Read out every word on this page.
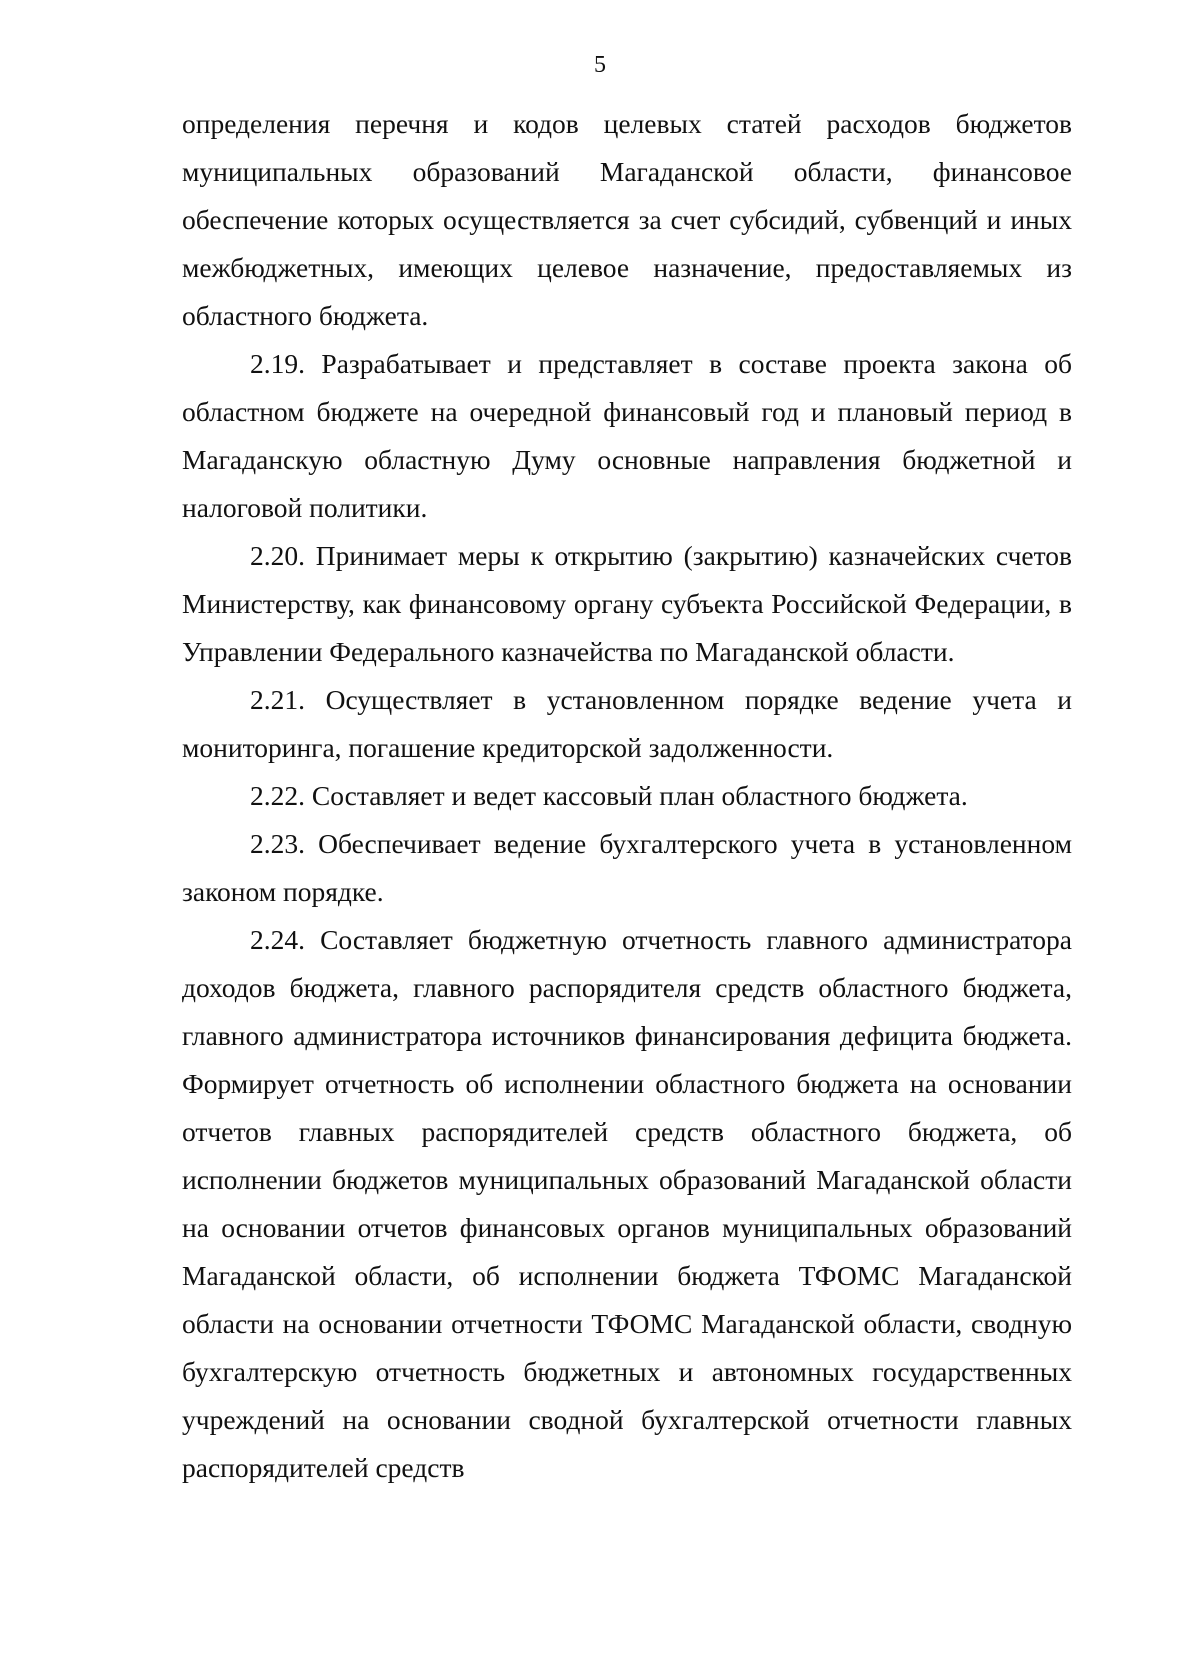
5

определения перечня и кодов целевых статей расходов бюджетов муниципальных образований Магаданской области, финансовое обеспечение которых осуществляется за счет субсидий, субвенций и иных межбюджетных, имеющих целевое назначение, предоставляемых из областного бюджета.

2.19. Разрабатывает и представляет в составе проекта закона об областном бюджете на очередной финансовый год и плановый период в Магаданскую областную Думу основные направления бюджетной и налоговой политики.

2.20. Принимает меры к открытию (закрытию) казначейских счетов Министерству, как финансовому органу субъекта Российской Федерации, в Управлении Федерального казначейства по Магаданской области.

2.21. Осуществляет в установленном порядке ведение учета и мониторинга, погашение кредиторской задолженности.

2.22. Составляет и ведет кассовый план областного бюджета.

2.23. Обеспечивает ведение бухгалтерского учета в установленном законом порядке.

2.24. Составляет бюджетную отчетность главного администратора доходов бюджета, главного распорядителя средств областного бюджета, главного администратора источников финансирования дефицита бюджета. Формирует отчетность об исполнении областного бюджета на основании отчетов главных распорядителей средств областного бюджета, об исполнении бюджетов муниципальных образований Магаданской области на основании отчетов финансовых органов муниципальных образований Магаданской области, об исполнении бюджета ТФОМС Магаданской области на основании отчетности ТФОМС Магаданской области, сводную бухгалтерскую отчетность бюджетных и автономных государственных учреждений на основании сводной бухгалтерской отчетности главных распорядителей средств
